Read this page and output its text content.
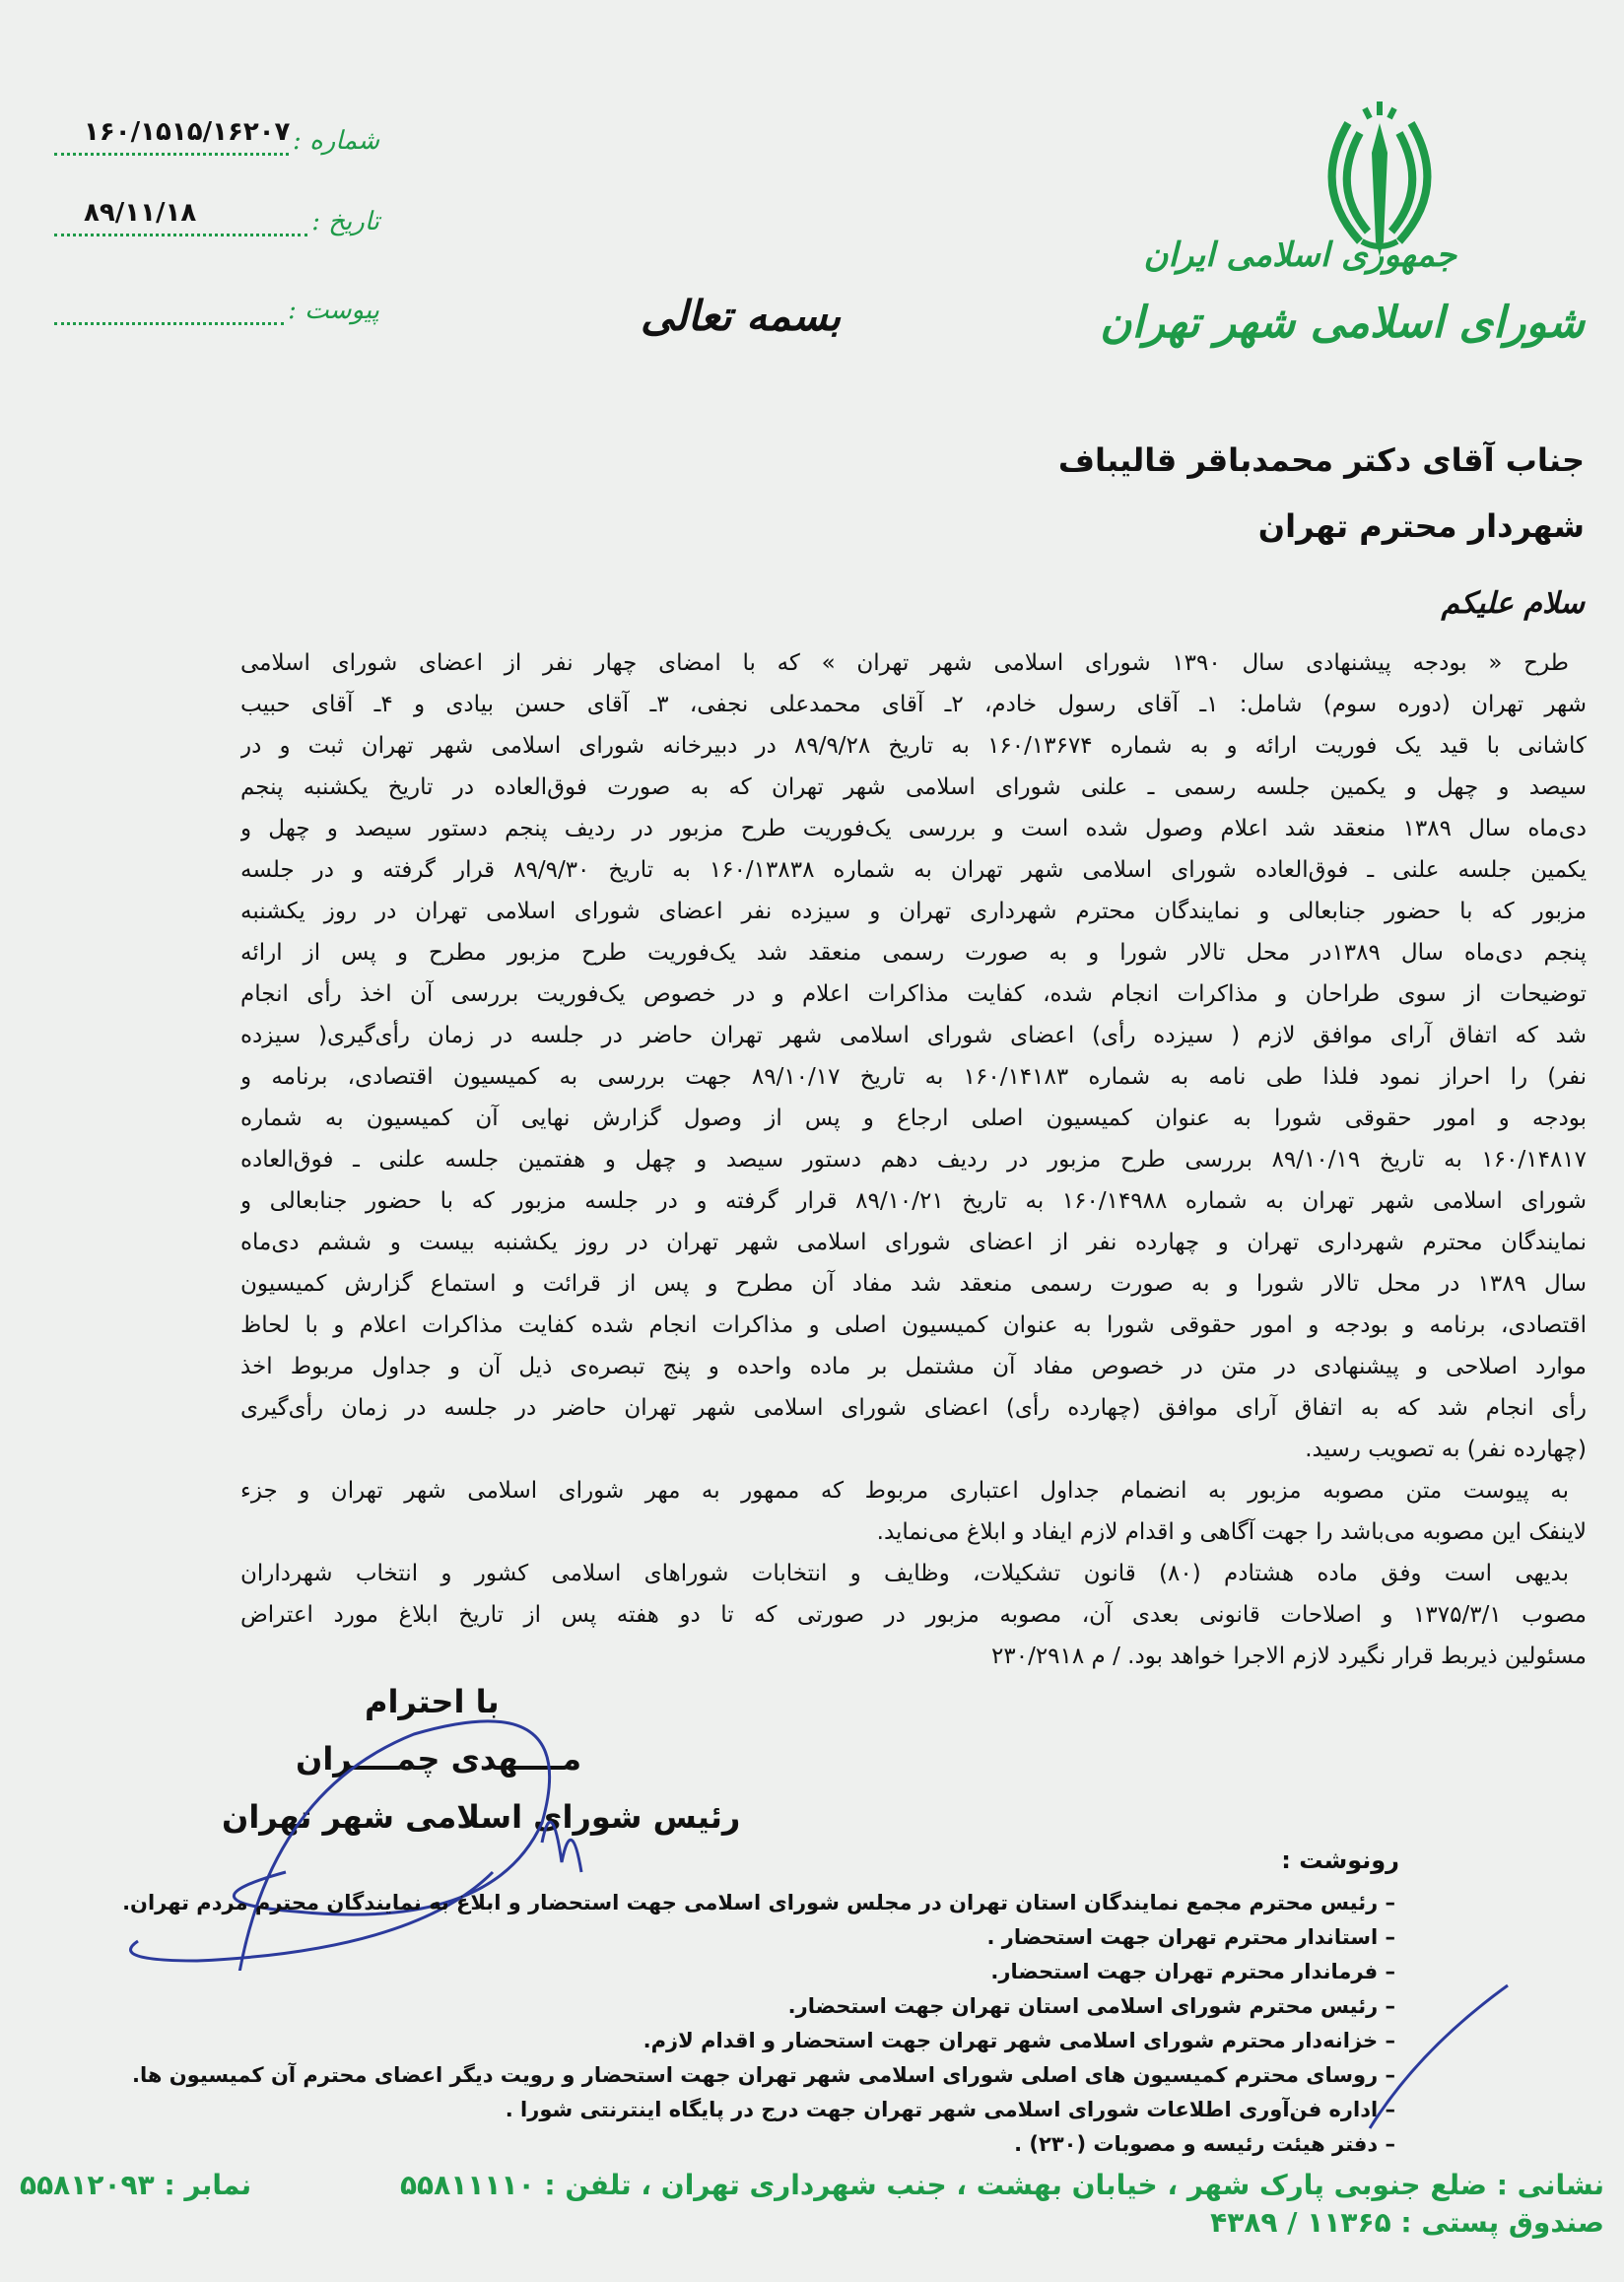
شماره :
۱۶۰/۱۵۱۵/۱۶۲۰۷
تاریخ :
۸۹/۱۱/۱۸
پیوست :
جمهوری اسلامی ایران
شورای اسلامی شهر تهران
بسمه تعالی
جناب آقای دکتر محمدباقر قالیباف
شهردار محترم تهران
سلام علیکم
طرح « بودجه پیشنهادی سال ۱۳۹۰ شورای اسلامی شهر تهران » که با امضای چهار نفر از اعضای شورای اسلامی
شهر تهران (دوره سوم) شامل: ۱ـ آقای رسول خادم، ۲ـ آقای محمدعلی نجفی، ۳ـ آقای حسن بیادی و ۴ـ آقای حبیب
کاشانی با قید یک فوریت ارائه و به شماره ۱۶۰/۱۳۶۷۴ به تاریخ ۸۹/۹/۲۸ در دبیرخانه شورای اسلامی شهر تهران ثبت و در
سیصد و چهل و یکمین جلسه رسمی ـ علنی شورای اسلامی شهر تهران که به صورت فوق‌العاده در تاریخ یکشنبه پنجم
دی‌ماه سال ۱۳۸۹ منعقد شد اعلام وصول شده است و بررسی یک‌فوریت طرح مزبور در ردیف پنجم دستور سیصد و چهل و
یکمین جلسه علنی ـ فوق‌العاده شورای اسلامی شهر تهران به شماره ۱۶۰/۱۳۸۳۸ به تاریخ ۸۹/۹/۳۰ قرار گرفته و در جلسه
مزبور که با حضور جنابعالی و نمایندگان محترم شهرداری تهران و سیزده نفر اعضای شورای اسلامی تهران در روز یکشنبه
پنجم دی‌ماه سال ۱۳۸۹در محل تالار شورا و به صورت رسمی منعقد شد یک‌فوریت طرح مزبور مطرح و پس از ارائه
توضیحات از سوی طراحان و مذاکرات انجام شده، کفایت مذاکرات اعلام و در خصوص یک‌فوریت بررسی آن اخذ رأی انجام
شد که اتفاق آرای موافق لازم ( سیزده رأی) اعضای شورای اسلامی شهر تهران حاضر در جلسه در زمان رأی‌گیری( سیزده
نفر) را احراز نمود فلذا طی نامه به شماره ۱۶۰/۱۴۱۸۳ به تاریخ ۸۹/۱۰/۱۷ جهت بررسی به کمیسیون اقتصادی، برنامه و
بودجه و امور حقوقی شورا به عنوان کمیسیون اصلی ارجاع و پس از وصول گزارش نهایی آن کمیسیون به شماره
۱۶۰/۱۴۸۱۷ به تاریخ ۸۹/۱۰/۱۹ بررسی طرح مزبور در ردیف دهم دستور سیصد و چهل و هفتمین جلسه علنی ـ فوق‌العاده
شورای اسلامی شهر تهران به شماره ۱۶۰/۱۴۹۸۸ به تاریخ ۸۹/۱۰/۲۱ قرار گرفته و در جلسه مزبور که با حضور جنابعالی و
نمایندگان محترم شهرداری تهران و چهارده نفر از اعضای شورای اسلامی شهر تهران در روز یکشنبه بیست و ششم دی‌ماه
سال ۱۳۸۹ در محل تالار شورا و به صورت رسمی منعقد شد مفاد آن مطرح و پس از قرائت و استماع گزارش کمیسیون
اقتصادی، برنامه و بودجه و امور حقوقی شورا به عنوان کمیسیون اصلی و مذاکرات انجام شده کفایت مذاکرات اعلام و با لحاظ
موارد اصلاحی و پیشنهادی در متن در خصوص مفاد آن مشتمل بر ماده واحده و پنج تبصره‌ی ذیل آن و جداول مربوط اخذ
رأی انجام شد که به اتفاق آرای موافق (چهارده رأی) اعضای شورای اسلامی شهر تهران حاضر در جلسه در زمان رأی‌گیری
(چهارده نفر) به تصویب رسید.
به پیوست متن مصوبه مزبور به انضمام جداول اعتباری مربوط که ممهور به مهر شورای اسلامی شهر تهران و جزء
لاینفک این مصوبه می‌باشد را جهت آگاهی و اقدام لازم ایفاد و ابلاغ می‌نماید.
بدیهی است وفق ماده هشتادم (۸۰) قانون تشکیلات، وظایف و انتخابات شوراهای اسلامی کشور و انتخاب شهرداران
مصوب ۱۳۷۵/۳/۱ و اصلاحات قانونی بعدی آن، مصوبه مزبور در صورتی که تا دو هفته پس از تاریخ ابلاغ مورد اعتراض
مسئولین ذیربط قرار نگیرد لازم الاجرا خواهد بود. / م ۲۳۰/۲۹۱۸
با احترام
مــــهدی چمــــران
رئیس شورای اسلامی شهر تهران
رونوشت :
– رئیس محترم مجمع نمایندگان استان تهران در مجلس شورای اسلامی جهت استحضار و ابلاغ به نمایندگان محترم مردم تهران.
– استاندار محترم تهران جهت استحضار .
– فرماندار محترم تهران جهت استحضار.
– رئیس محترم شورای اسلامی استان تهران جهت استحضار.
– خزانه‌دار محترم شورای اسلامی شهر تهران جهت استحضار و اقدام لازم.
– روسای محترم کمیسیون های اصلی شورای اسلامی شهر تهران جهت استحضار و رویت دیگر اعضای محترم آن کمیسیون ها.
– اداره فن‌آوری اطلاعات شورای اسلامی شهر تهران جهت درج در پایگاه اینترنتی شورا .
– دفتر هیئت رئیسه و مصوبات (۲۳۰) .
نشانی : ضلع جنوبی پارک شهر ، خیابان بهشت ، جنب شهرداری تهران ، تلفن : ۵۵۸۱۱۱۱۰
نمابر : ۵۵۸۱۲۰۹۳
صندوق پستی : ۱۱۳۶۵ / ۴۳۸۹
